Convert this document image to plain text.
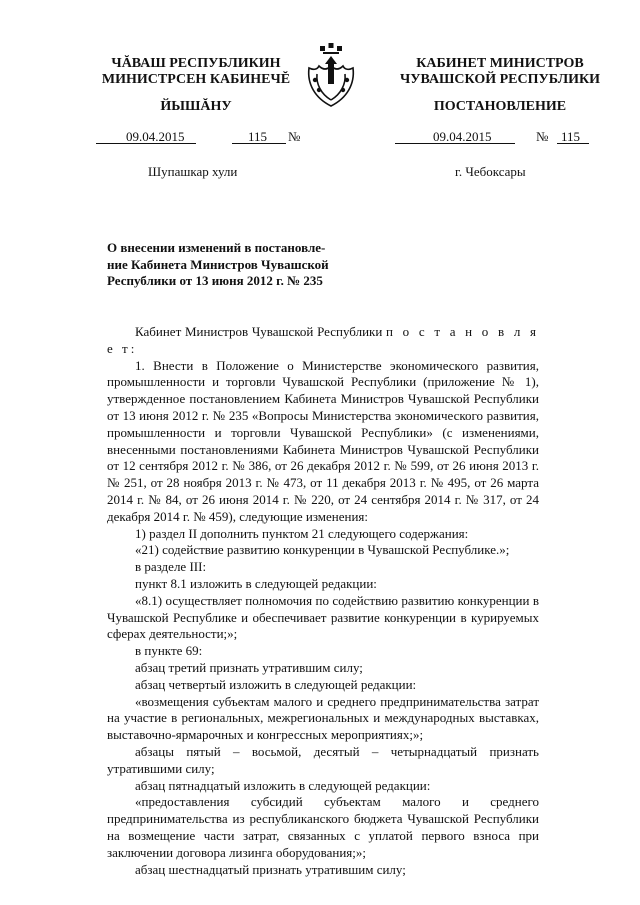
ЧĂВАШ РЕСПУБЛИКИН
МИНИСТРСЕН КАБИНЕЧĔ
ЙЫШĂНУ
КАБИНЕТ МИНИСТРОВ
ЧУВАШСКОЙ РЕСПУБЛИКИ
ПОСТАНОВЛЕНИЕ
09.04.2015	115 №	09.04.2015	№ 115
Шупашкар хули	г. Чебоксары
О внесении изменений в постановле-
ние Кабинета Министров Чувашской
Республики от 13 июня 2012 г. № 235

Кабинет Министров Чувашской Республики п о с т а н о в л я е т:

1. Внести в Положение о Министерстве экономического развития, промышленности и торговли Чувашской Республики (приложение № 1), утвержденное постановлением Кабинета Министров Чувашской Республики от 13 июня 2012 г. № 235 «Вопросы Министерства экономического развития, промышленности и торговли Чувашской Республики» (с изменениями, внесенными постановлениями Кабинета Министров Чувашской Республики от 12 сентября 2012 г. № 386, от 26 декабря 2012 г. № 599, от 26 июня 2013 г. № 251, от 28 ноября 2013 г. № 473, от 11 декабря 2013 г. № 495, от 26 марта 2014 г. № 84, от 26 июня 2014 г. № 220, от 24 сентября 2014 г. № 317, от 24 декабря 2014 г. № 459), следующие изменения:

1) раздел II дополнить пунктом 21 следующего содержания:

«21) содействие развитию конкуренции в Чувашской Республике.»;

в разделе III:

пункт 8.1 изложить в следующей редакции:

«8.1) осуществляет полномочия по содействию развитию конкуренции в Чувашской Республике и обеспечивает развитие конкуренции в курируемых сферах деятельности;»;

в пункте 69:

абзац третий признать утратившим силу;

абзац четвертый изложить в следующей редакции:

«возмещения субъектам малого и среднего предпринимательства затрат на участие в региональных, межрегиональных и международных выставках, выставочно-ярмарочных и конгрессных мероприятиях;»;

абзацы пятый – восьмой, десятый – четырнадцатый признать утратившими силу;

абзац пятнадцатый изложить в следующей редакции:

«предоставления субсидий субъектам малого и среднего предпринимательства из республиканского бюджета Чувашской Республики на возмещение части затрат, связанных с уплатой первого взноса при заключении договора лизинга оборудования;»;

абзац шестнадцатый признать утратившим силу;
